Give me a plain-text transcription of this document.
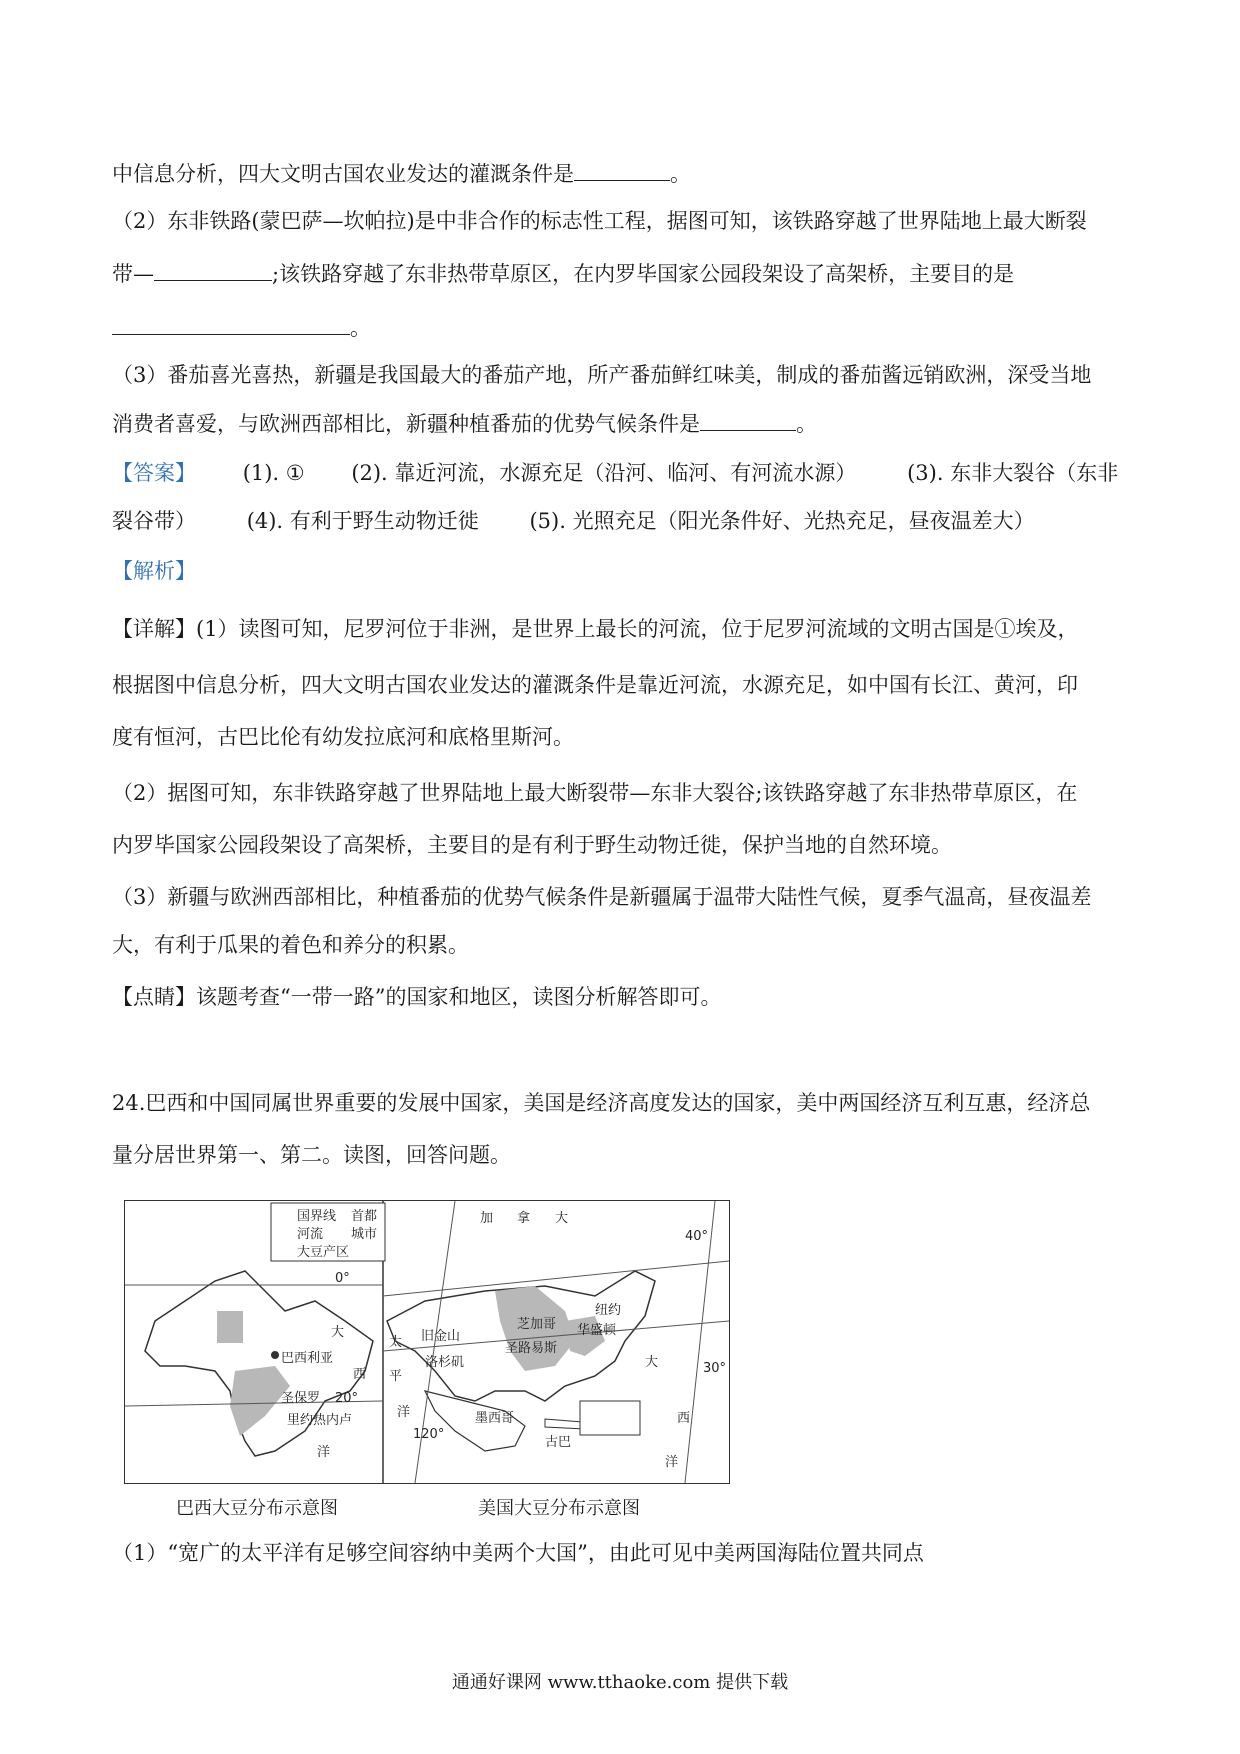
中信息分析，四大文明古国农业发达的灌溉条件是	。
（2）东非铁路(蒙巴萨—坎帕拉)是中非合作的标志性工程，据图可知，该铁路穿越了世界陆地上最大断裂
带—	;该铁路穿越了东非热带草原区，在内罗毕国家公园段架设了高架桥，主要目的是
。
（3）番茄喜光喜热，新疆是我国最大的番茄产地，所产番茄鲜红味美，制成的番茄酱远销欧洲，深受当地
消费者喜爱，与欧洲西部相比，新疆种植番茄的优势气候条件是	。
【答案】 (1). ① (2). 靠近河流，水源充足（沿河、临河、有河流水源） (3). 东非大裂谷（东非
裂谷带） (4). 有利于野生动物迁徙 (5). 光照充足（阳光条件好、光热充足，昼夜温差大）
【解析】
【详解】(1）读图可知，尼罗河位于非洲，是世界上最长的河流，位于尼罗河流域的文明古国是①埃及，
根据图中信息分析，四大文明古国农业发达的灌溉条件是靠近河流，水源充足，如中国有长江、黄河，印
度有恒河，古巴比伦有幼发拉底河和底格里斯河。
（2）据图可知，东非铁路穿越了世界陆地上最大断裂带—东非大裂谷;该铁路穿越了东非热带草原区，在
内罗毕国家公园段架设了高架桥，主要目的是有利于野生动物迁徙，保护当地的自然环境。
（3）新疆与欧洲西部相比，种植番茄的优势气候条件是新疆属于温带大陆性气候，夏季气温高，昼夜温差
大，有利于瓜果的着色和养分的积累。
【点睛】该题考查“一带一路”的国家和地区，读图分析解答即可。
24.巴西和中国同属世界重要的发展中国家，美国是经济高度发达的国家，美中两国经济互利互惠，经济总
量分居世界第一、第二。读图，回答问题。
国界线 首都
河流 城市
大豆产区
巴西利亚
圣保罗
里约热内卢
大
西
洋
0°
20°
加 拿 大
芝加哥
纽约
华盛顿
圣路易斯
旧金山
洛杉矶
墨西哥
古巴
大
西
洋
太
平
洋
30°
40°
120°
巴西大豆分布示意图	美国大豆分布示意图
（1）“宽广的太平洋有足够空间容纳中美两个大国”，由此可见中美两国海陆位置共同点
通通好课网 www.tthaoke.com 提供下载
